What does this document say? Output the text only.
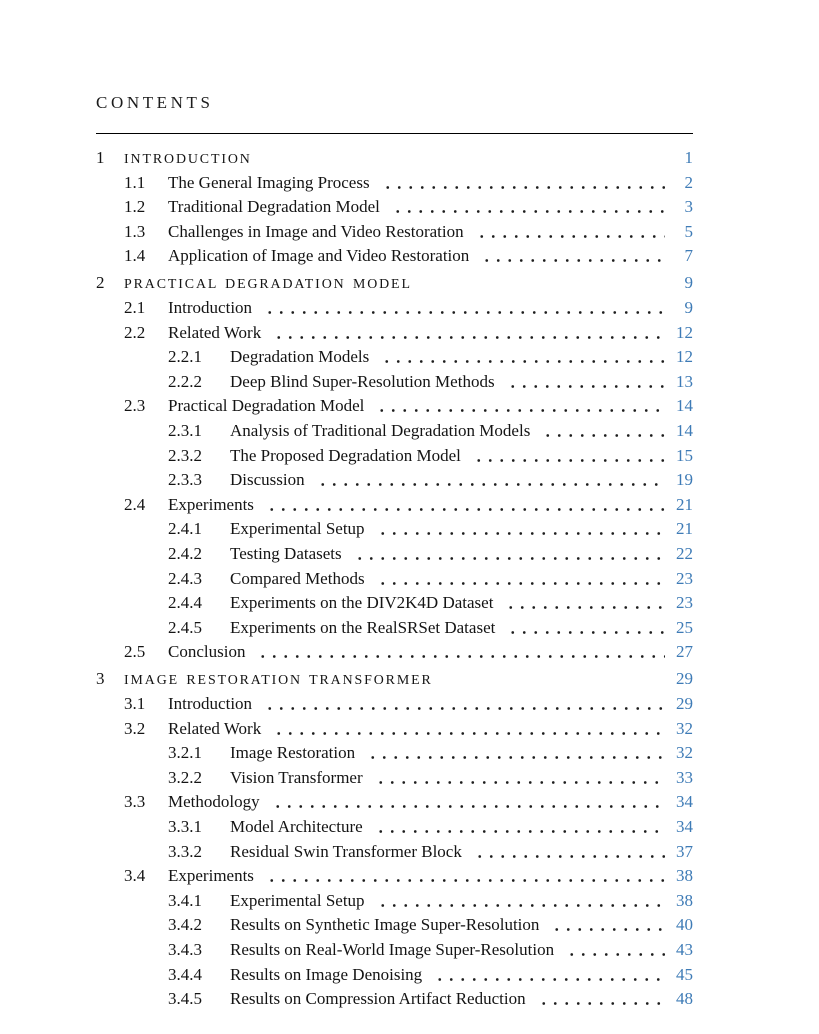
CONTENTS
1	INTRODUCTION	1
1.1	The General Imaging Process	2
1.2	Traditional Degradation Model	3
1.3	Challenges in Image and Video Restoration	5
1.4	Application of Image and Video Restoration	7
2	PRACTICAL DEGRADATION MODEL	9
2.1	Introduction	9
2.2	Related Work	12
2.2.1	Degradation Models	12
2.2.2	Deep Blind Super-Resolution Methods	13
2.3	Practical Degradation Model	14
2.3.1	Analysis of Traditional Degradation Models	14
2.3.2	The Proposed Degradation Model	15
2.3.3	Discussion	19
2.4	Experiments	21
2.4.1	Experimental Setup	21
2.4.2	Testing Datasets	22
2.4.3	Compared Methods	23
2.4.4	Experiments on the DIV2K4D Dataset	23
2.4.5	Experiments on the RealSRSet Dataset	25
2.5	Conclusion	27
3	IMAGE RESTORATION TRANSFORMER	29
3.1	Introduction	29
3.2	Related Work	32
3.2.1	Image Restoration	32
3.2.2	Vision Transformer	33
3.3	Methodology	34
3.3.1	Model Architecture	34
3.3.2	Residual Swin Transformer Block	37
3.4	Experiments	38
3.4.1	Experimental Setup	38
3.4.2	Results on Synthetic Image Super-Resolution	40
3.4.3	Results on Real-World Image Super-Resolution	43
3.4.4	Results on Image Denoising	45
3.4.5	Results on Compression Artifact Reduction	48
